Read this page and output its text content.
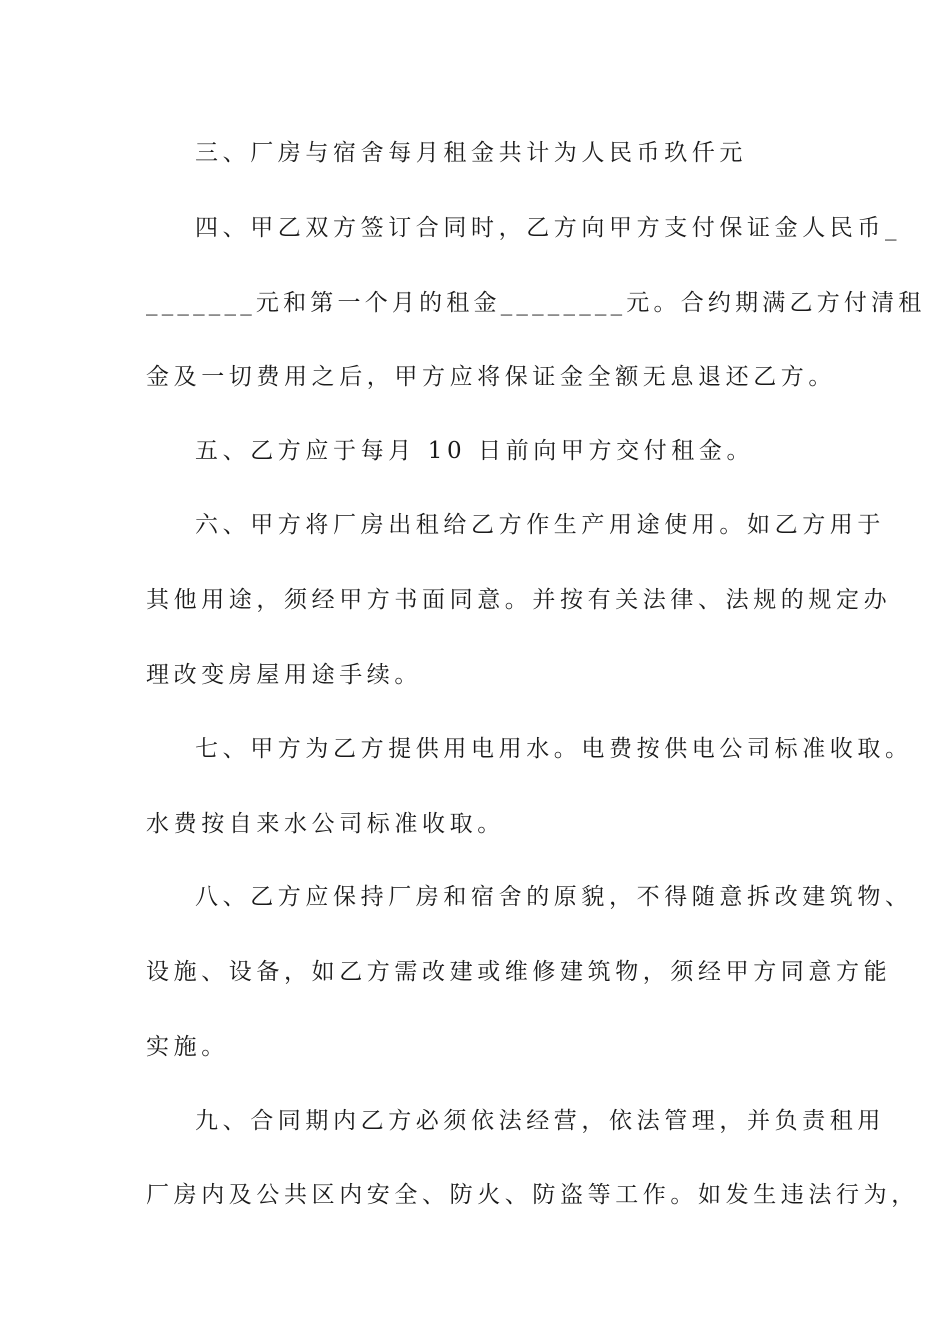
三、厂房与宿舍每月租金共计为人民币玖仟元
四、甲乙双方签订合同时，乙方向甲方支付保证金人民币_
_______元和第一个月的租金________元。合约期满乙方付清租
金及一切费用之后，甲方应将保证金全额无息退还乙方。
五、乙方应于每月 10 日前向甲方交付租金。
六、甲方将厂房出租给乙方作生产用途使用。如乙方用于
其他用途，须经甲方书面同意。并按有关法律、法规的规定办
理改变房屋用途手续。
七、甲方为乙方提供用电用水。电费按供电公司标准收取。
水费按自来水公司标准收取。
八、乙方应保持厂房和宿舍的原貌，不得随意拆改建筑物、
设施、设备，如乙方需改建或维修建筑物，须经甲方同意方能
实施。
九、合同期内乙方必须依法经营，依法管理，并负责租用
厂房内及公共区内安全、防火、防盗等工作。如发生违法行为，
